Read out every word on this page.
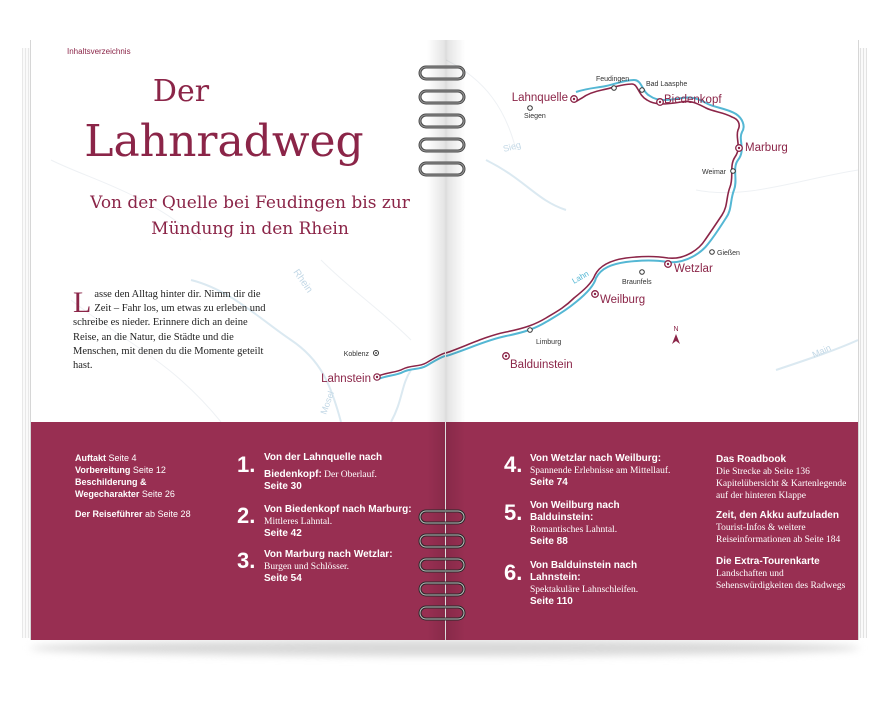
Rhein
Mosel
Koblenz
Lahnstein
Inhaltsverzeichnis
Der
Lahnradweg
Von der Quelle bei Feudingen bis zur
Mündung in den Rhein
Lasse den Alltag hinter dir. Nimm dir die Zeit – Fahr los, um etwas zu erleben und schreibe es nieder. Erinnere dich an deine Reise, an die Natur, die Städte und die Menschen, mit denen du die Momente geteilt hast.
Auftakt Seite 4
Vorbereitung Seite 12
Beschilderung &
Wegecharakter Seite 26
Der Reiseführer ab Seite 28
1. Von der Lahnquelle nach
Biedenkopf: Der Oberlauf.
Seite 30
2. Von Biedenkopf nach Marburg:
Mittleres Lahntal.
Seite 42
3. Von Marburg nach Wetzlar:
Burgen und Schlösser.
Seite 54
Sieg
Main
Lahn
Lahnquelle	Biedenkopf
Marburg
Wetzlar
Weilburg
Balduinstein
Feudingen
Bad Laasphe
Siegen
Weimar
Gießen
Braunfels
Limburg
N
4. Von Wetzlar nach Weilburg:
Spannende Erlebnisse am Mittellauf.
Seite 74
5. Von Weilburg nach
Balduinstein:
Romantisches Lahntal.
Seite 88
6. Von Balduinstein nach
Lahnstein:
Spektakuläre Lahnschleifen.
Seite 110
Das Roadbook
Die Strecke ab Seite 136
Kapitelübersicht & Kartenlegende
auf der hinteren Klappe
Zeit, den Akku aufzuladen
Tourist-Infos & weitere
Reiseinformationen ab Seite 184
Die Extra-Tourenkarte
Landschaften und
Sehenswürdigkeiten des Radwegs
